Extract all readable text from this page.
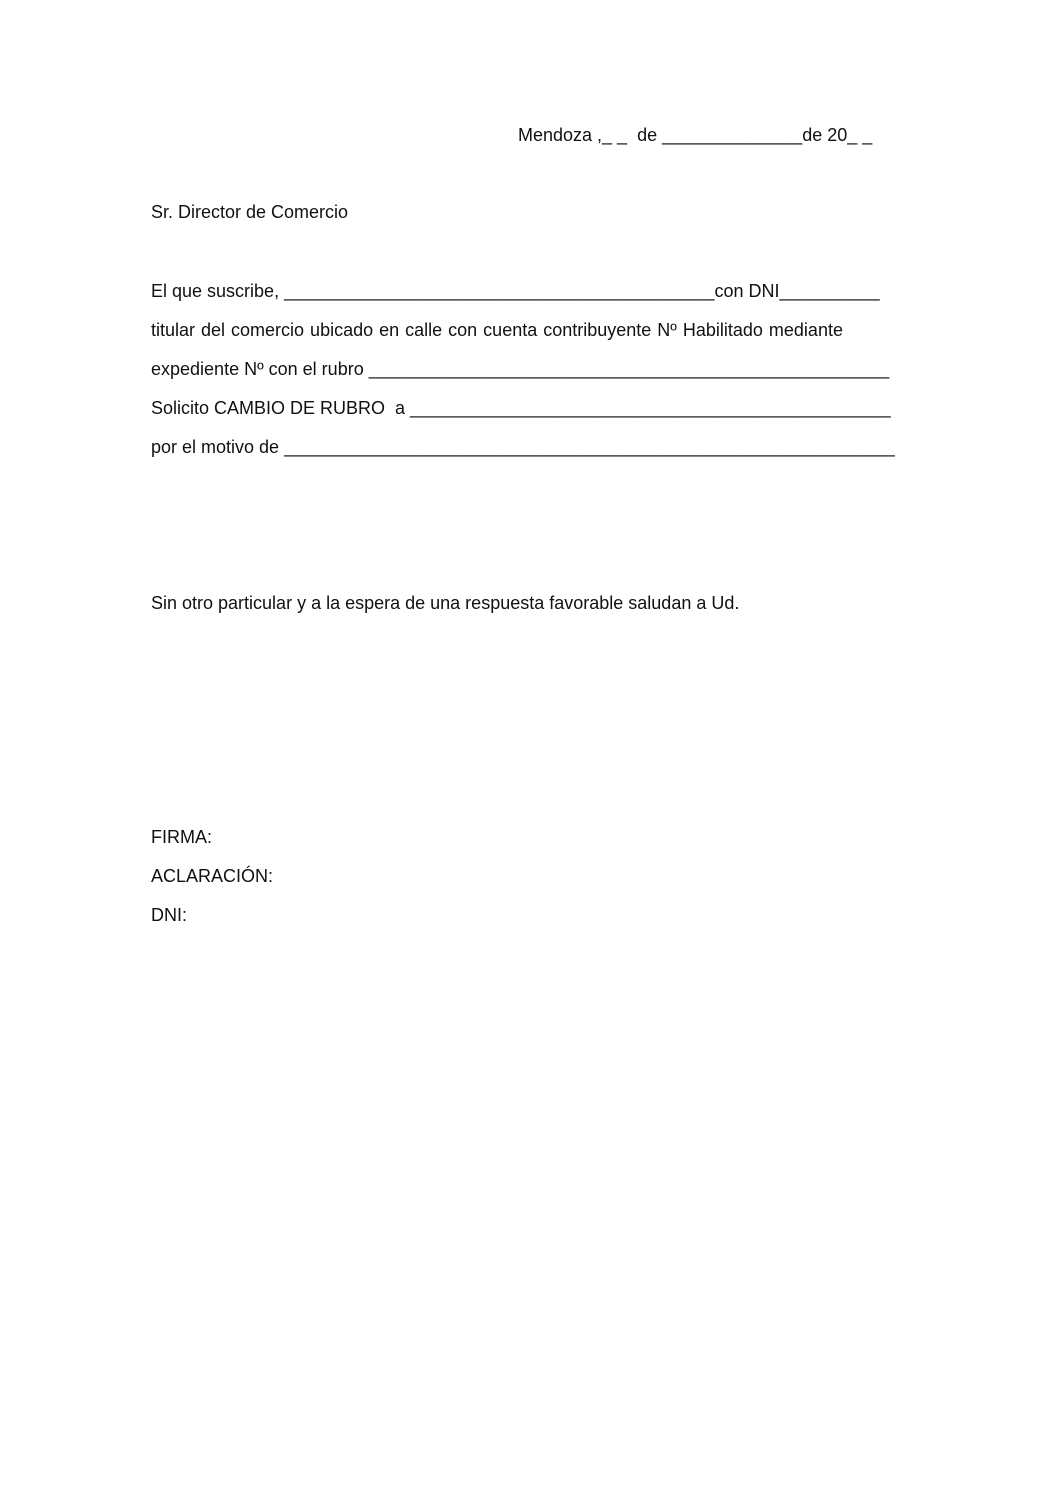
Mendoza ,_ _  de ______________de 20_ _
Sr. Director de Comercio
El que suscribe, ___________________________________________con DNI__________
titular del comercio ubicado en calle con cuenta contribuyente Nº Habilitado mediante
expediente Nº con el rubro ____________________________________________________
Solicito CAMBIO DE RUBRO  a ________________________________________________
por el motivo de _____________________________________________________________
Sin otro particular y a la espera de una respuesta favorable saludan a Ud.
FIRMA:
ACLARACIÓN:
DNI:
